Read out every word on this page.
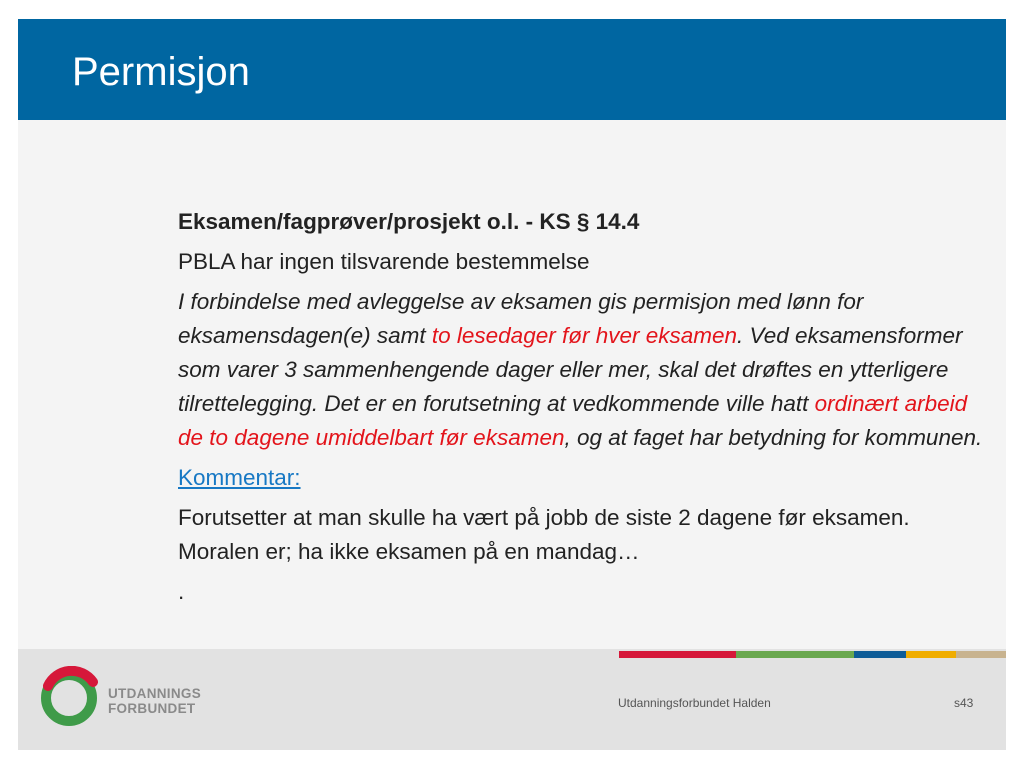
Permisjon

Eksamen/fagprøver/prosjekt o.l. - KS § 14.4

PBLA har ingen tilsvarende bestemmelse

I forbindelse med avleggelse av eksamen gis permisjon med lønn for eksamensdagen(e) samt to lesedager før hver eksamen. Ved eksamensformer som varer 3 sammenhengende dager eller mer, skal det drøftes en ytterligere tilrettelegging. Det er en forutsetning at vedkommende ville hatt ordinært arbeid de to dagene umiddelbart før eksamen, og at faget har betydning for kommunen.

Kommentar:

Forutsetter at man skulle ha vært på jobb de siste 2 dagene før eksamen. Moralen er; ha ikke eksamen på en mandag…

.

UTDANNINGS
FORBUNDET	Utdanningsforbundet Halden	s43
